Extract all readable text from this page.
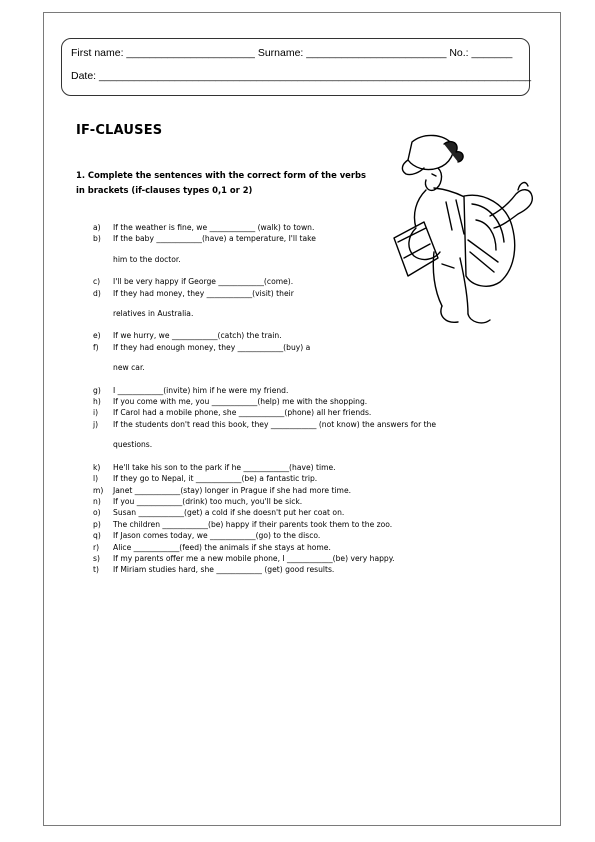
First name: ______________________ Surname: ________________________ No.: _______
Date: __________________________________________________________________________
IF-CLAUSES
1. Complete the sentences with the correct form of the verbs in brackets (if-clauses types 0,1 or 2)
a)	If the weather is fine, we ____________ (walk) to town.
b)	If the baby ____________(have) a temperature, I'll take
him to the doctor.
c)	I'll be very happy if George ____________(come).
d)	If they had money, they ____________(visit) their
relatives in Australia.
e)	If we hurry, we ____________(catch) the train.
f)	If they had enough money, they ____________(buy) a
new car.
g)	I ____________(invite) him if he were my friend.
h)	If you come with me, you ____________(help) me with the shopping.
i)	If Carol had a mobile phone, she ____________(phone) all her friends.
j)	If the students don't read this book, they ____________ (not know) the answers for the
questions.
k)	He'll take his son to the park if he ____________(have) time.
l)	If they go to Nepal, it ____________(be) a fantastic trip.
m)	Janet ____________(stay) longer in Prague if she had more time.
n)	If you ____________(drink) too much, you'll be sick.
o)	Susan ____________(get) a cold if she doesn't put her coat on.
p)	The children ____________(be) happy if their parents took them to the zoo.
q)	If Jason comes today, we ____________(go) to the disco.
r)	Alice ____________(feed) the animals if she stays at home.
s)	If my parents offer me a new mobile phone, I ____________(be) very happy.
t)	If Miriam studies hard, she ____________ (get) good results.
